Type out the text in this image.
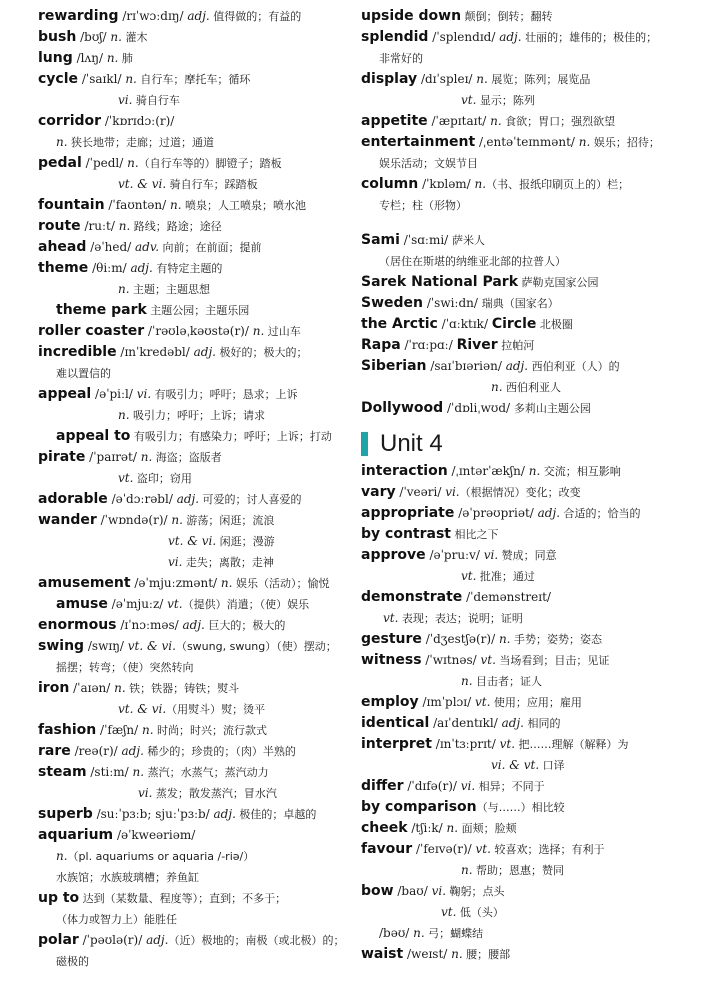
rewarding /rɪˈwɔːdɪŋ/ adj. 值得做的；有益的
bush /bʊʃ/ n. 灌木
lung /lʌŋ/ n. 肺
cycle /ˈsaɪkl/ n. 自行车；摩托车；循环
vi. 骑自行车
corridor /ˈkɒrɪdɔː(r)/
n. 狭长地带；走廊；过道；通道
pedal /ˈpedl/ n.（自行车等的）脚镫子；踏板
vt. & vi. 骑自行车；踩踏板
fountain /ˈfaʊntən/ n. 喷泉；人工喷泉；喷水池
route /ruːt/ n. 路线；路途；途径
ahead /əˈhed/ adv. 向前；在前面；提前
theme /θiːm/ adj. 有特定主题的
n. 主题；主题思想
theme park 主题公园；主题乐园
roller coaster /ˈrəʊləˌkəʊstə(r)/ n. 过山车
incredible /ɪnˈkredəbl/ adj. 极好的；极大的；
难以置信的
appeal /əˈpiːl/ vi. 有吸引力；呼吁；恳求；上诉
n. 吸引力；呼吁；上诉；请求
appeal to 有吸引力；有感染力；呼吁；上诉；打动
pirate /ˈpaɪrət/ n. 海盗；盗版者
vt. 盗印；窃用
adorable /əˈdɔːrəbl/ adj. 可爱的；讨人喜爱的
wander /ˈwɒndə(r)/ n. 游荡；闲逛；流浪
vt. & vi. 闲逛；漫游
vi. 走失；离散；走神
amusement /əˈmjuːzmənt/ n. 娱乐（活动）；愉悦
amuse /əˈmjuːz/ vt.（提供）消遣；（使）娱乐
enormous /ɪˈnɔːməs/ adj. 巨大的；极大的
swing /swɪŋ/ vt. & vi.（swung, swung）（使）摆动；
摇摆；转弯；（使）突然转向
iron /ˈaɪən/ n. 铁；铁器；铸铁；熨斗
vt. & vi.（用熨斗）熨；烫平
fashion /ˈfæʃn/ n. 时尚；时兴；流行款式
rare /reə(r)/ adj. 稀少的；珍贵的；（肉）半熟的
steam /stiːm/ n. 蒸汽；水蒸气；蒸汽动力
vi. 蒸发；散发蒸汽；冒水汽
superb /suːˈpɜːb; sjuːˈpɜːb/ adj. 极佳的；卓越的
aquarium /əˈkweəriəm/
n.（pl. aquariums or aquaria /-riə/）
水族馆；水族玻璃槽；养鱼缸
up to 达到（某数量、程度等）；直到；不多于；
（体力或智力上）能胜任
polar /ˈpəʊlə(r)/ adj.（近）极地的；南极（或北极）的；
磁极的
upside down 颠倒；倒转；翻转
splendid /ˈsplendɪd/ adj. 壮丽的；雄伟的；极佳的；
非常好的
display /dɪˈspleɪ/ n. 展览；陈列；展览品
vt. 显示；陈列
appetite /ˈæpɪtaɪt/ n. 食欲；胃口；强烈欲望
entertainment /ˌentəˈteɪnmənt/ n. 娱乐；招待；
娱乐活动；文娱节目
column /ˈkɒləm/ n.（书、报纸印刷页上的）栏；
专栏；柱（形物）
Sami /ˈsɑːmi/ 萨米人
（居住在斯堪的纳维亚北部的拉普人）
Sarek National Park 萨勒克国家公园
Sweden /ˈswiːdn/ 瑞典（国家名）
the Arctic /ˈɑːktɪk/ Circle 北极圈
Rapa /ˈrɑːpɑː/ River 拉帕河
Siberian /saɪˈbɪəriən/ adj. 西伯利亚（人）的
n. 西伯利亚人
Dollywood /ˈdɒliˌwʊd/ 多莉山主题公园
Unit 4
interaction /ˌɪntərˈækʃn/ n. 交流；相互影响
vary /ˈveəri/ vi.（根据情况）变化；改变
appropriate /əˈprəʊpriət/ adj. 合适的；恰当的
by contrast 相比之下
approve /əˈpruːv/ vi. 赞成；同意
vt. 批准；通过
demonstrate /ˈdemənstreɪt/
vt. 表现；表达；说明；证明
gesture /ˈdʒestʃə(r)/ n. 手势；姿势；姿态
witness /ˈwɪtnəs/ vt. 当场看到；目击；见证
n. 目击者；证人
employ /ɪmˈplɔɪ/ vt. 使用；应用；雇用
identical /aɪˈdentɪkl/ adj. 相同的
interpret /ɪnˈtɜːprɪt/ vt. 把……理解（解释）为
vi. & vt. 口译
differ /ˈdɪfə(r)/ vi. 相异；不同于
by comparison（与……）相比较
cheek /tʃiːk/ n. 面颊；脸颊
favour /ˈfeɪvə(r)/ vt. 较喜欢；选择；有利于
n. 帮助；恩惠；赞同
bow /baʊ/ vi. 鞠躬；点头
vt. 低（头）
/bəʊ/ n. 弓；蝴蝶结
waist /weɪst/ n. 腰；腰部
